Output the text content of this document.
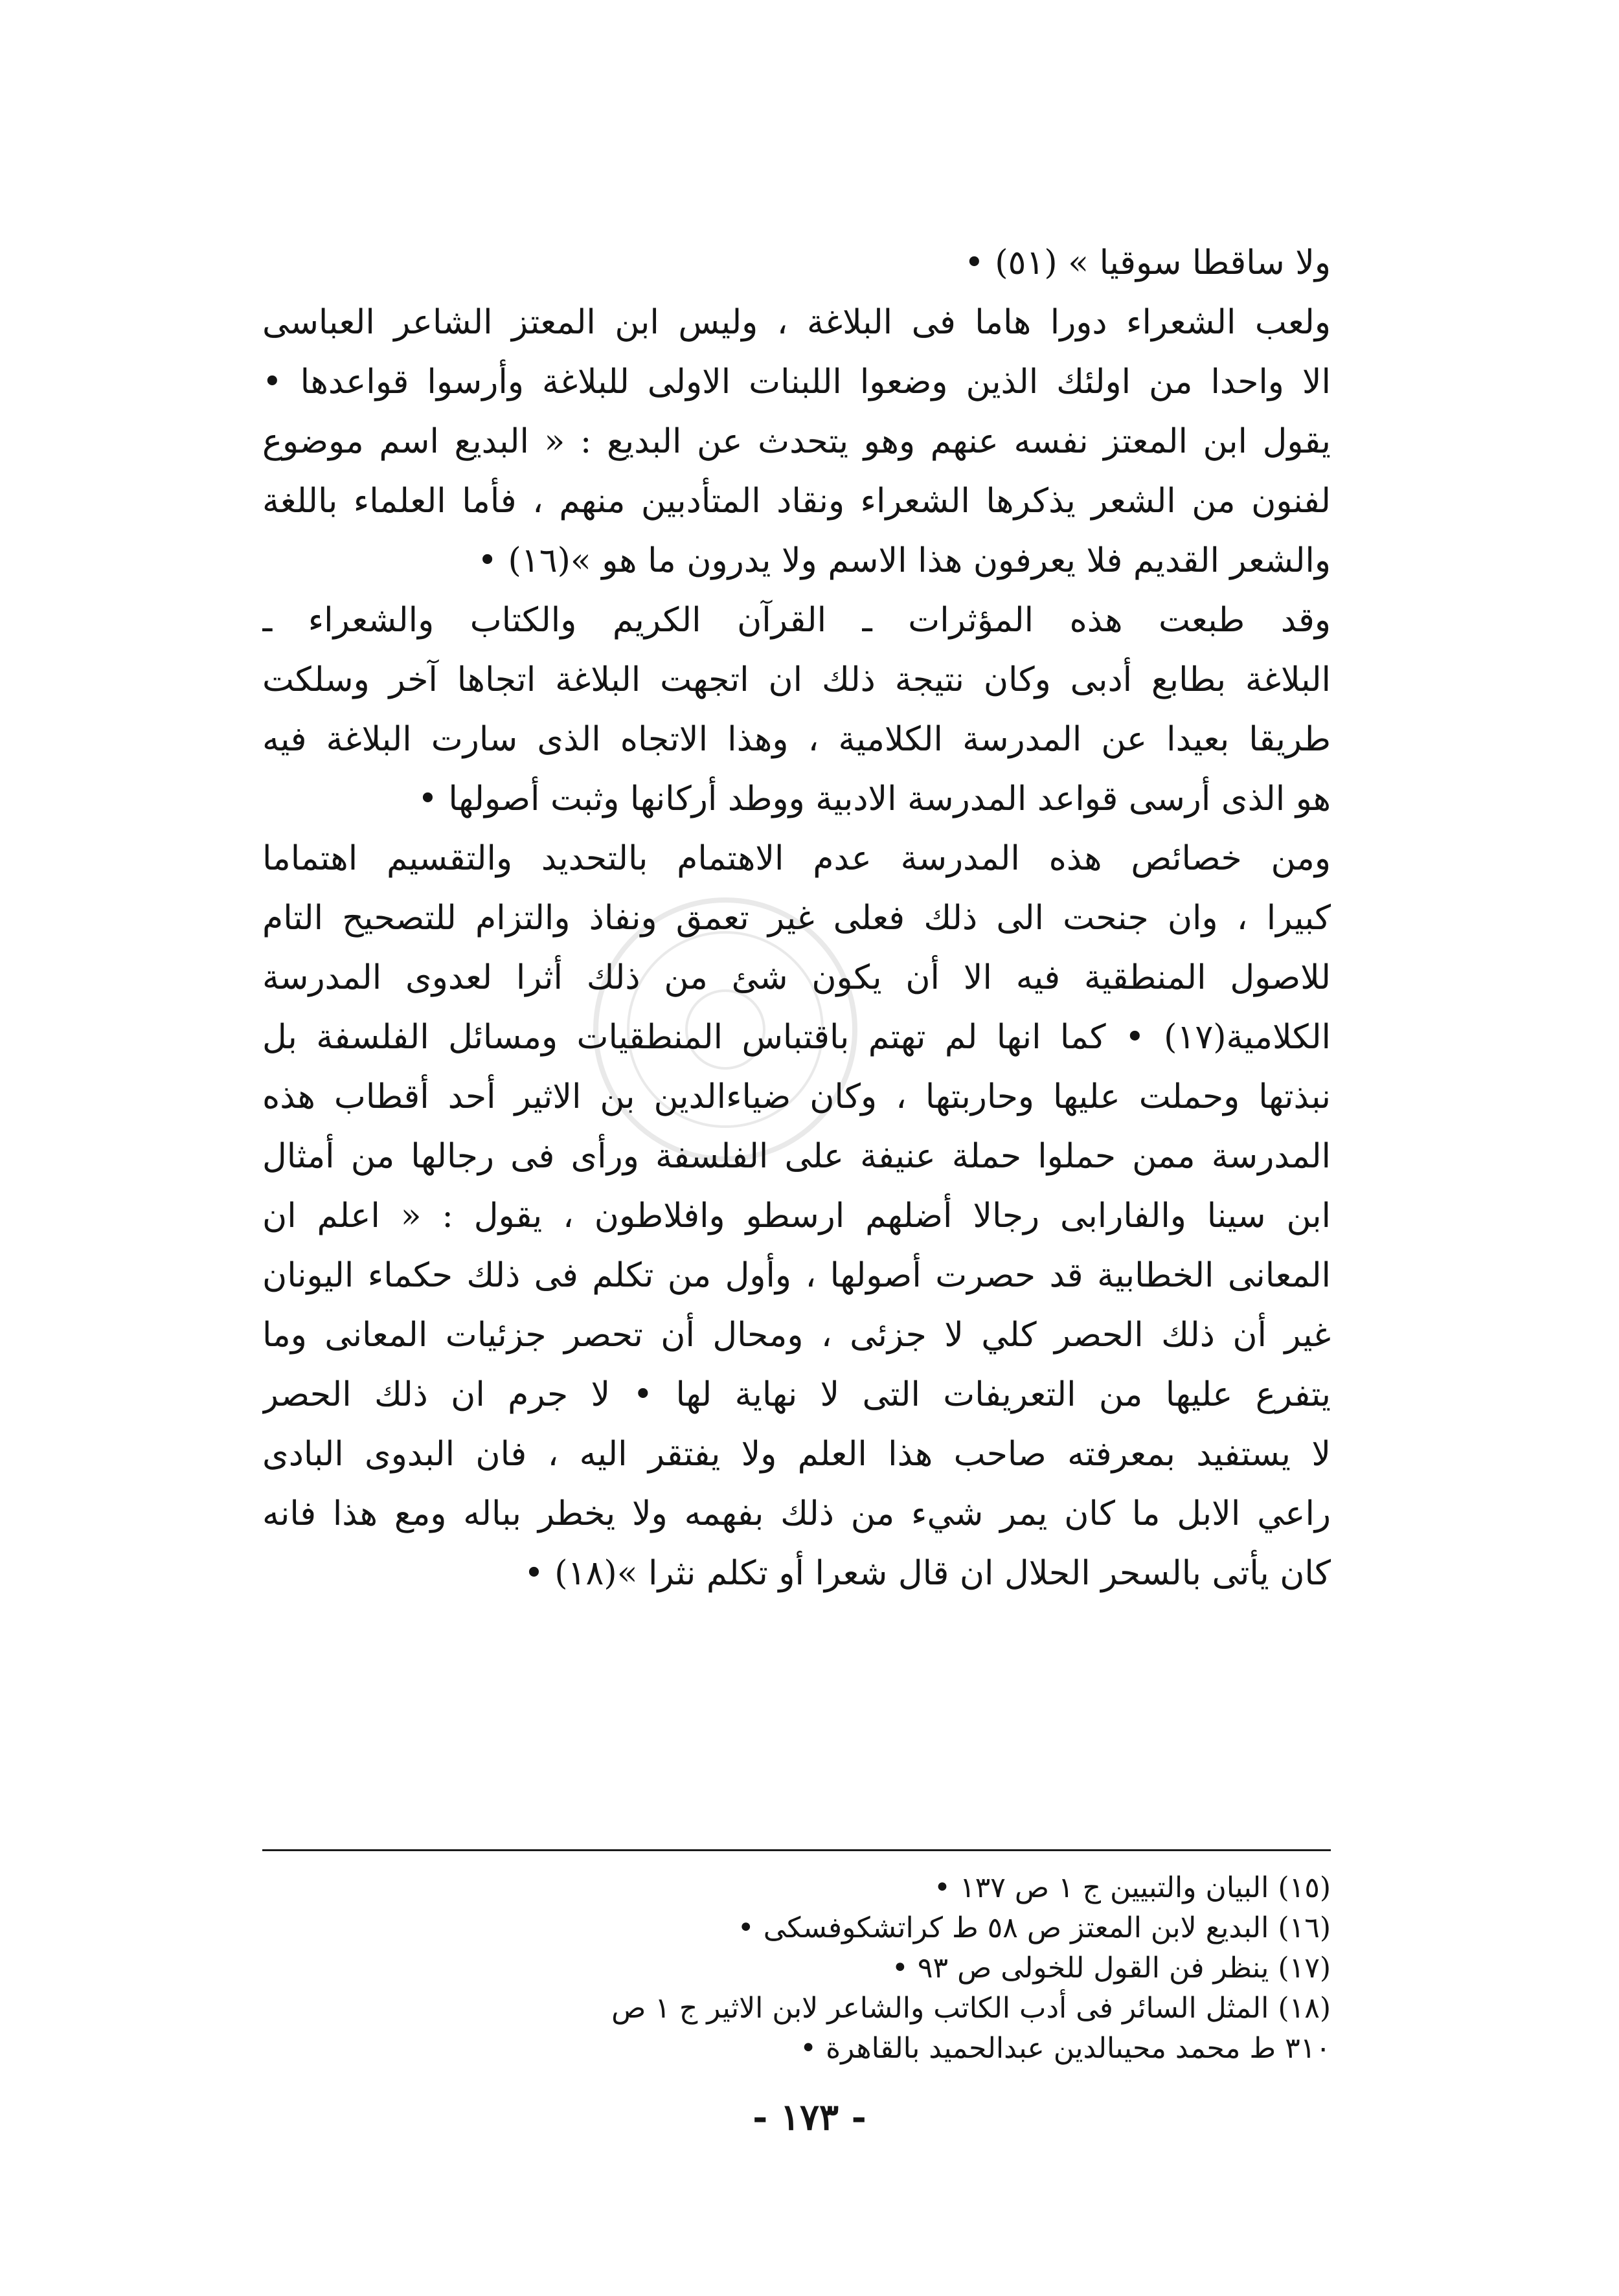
ولا ساقطا سوقيا » (٥١) •
ولعب الشعراء دورا هاما فى البلاغة ، وليس ابن المعتز الشاعر العباسى
الا واحدا من اولئك الذين وضعوا اللبنات الاولى للبلاغة وأرسوا قواعدها •
يقول ابن المعتز نفسه عنهم وهو يتحدث عن البديع : « البديع اسم موضوع
لفنون من الشعر يذكرها الشعراء ونقاد المتأدبين منهم ، فأما العلماء باللغة
والشعر القديم فلا يعرفون هذا الاسم ولا يدرون ما هو »(١٦) •
وقد طبعت هذه المؤثرات ـ القرآن الكريم والكتاب والشعراء ـ
البلاغة بطابع أدبى وكان نتيجة ذلك ان اتجهت البلاغة اتجاها آخر وسلكت
طريقا بعيدا عن المدرسة الكلامية ، وهذا الاتجاه الذى سارت البلاغة فيه
هو الذى أرسى قواعد المدرسة الادبية ووطد أركانها وثبت أصولها •
ومن خصائص هذه المدرسة عدم الاهتمام بالتحديد والتقسيم اهتماما
كبيرا ، وان جنحت الى ذلك فعلى غير تعمق ونفاذ والتزام للتصحيح التام
للاصول المنطقية فيه الا أن يكون شئ من ذلك أثرا لعدوى المدرسة
الكلامية(١٧) • كما انها لم تهتم باقتباس المنطقيات ومسائل الفلسفة بل
نبذتها وحملت عليها وحاربتها ، وكان ضياءالدين بن الاثير أحد أقطاب هذه
المدرسة ممن حملوا حملة عنيفة على الفلسفة ورأى فى رجالها من أمثال
ابن سينا والفارابى رجالا أضلهم ارسطو وافلاطون ، يقول : « اعلم ان
المعانى الخطابية قد حصرت أصولها ، وأول من تكلم فى ذلك حكماء اليونان
غير أن ذلك الحصر كلي لا جزئى ، ومحال أن تحصر جزئيات المعانى وما
يتفرع عليها من التعريفات التى لا نهاية لها • لا جرم ان ذلك الحصر
لا يستفيد بمعرفته صاحب هذا العلم ولا يفتقر اليه ، فان البدوى البادى
راعي الابل ما كان يمر شيء من ذلك بفهمه ولا يخطر بباله ومع هذا فانه
كان يأتى بالسحر الحلال ان قال شعرا أو تكلم نثرا »(١٨) •
(١٥) البيان والتبيين ج ١ ص ١٣٧ •
(١٦) البديع لابن المعتز ص ٥٨ ط كراتشكوفسكى •
(١٧) ينظر فن القول للخولى ص ٩٣ •
(١٨) المثل السائر فى أدب الكاتب والشاعر لابن الاثير ج ١ ص
٣١٠ ط محمد محيىالدين عبدالحميد بالقاهرة •
- ١٧٣ -
